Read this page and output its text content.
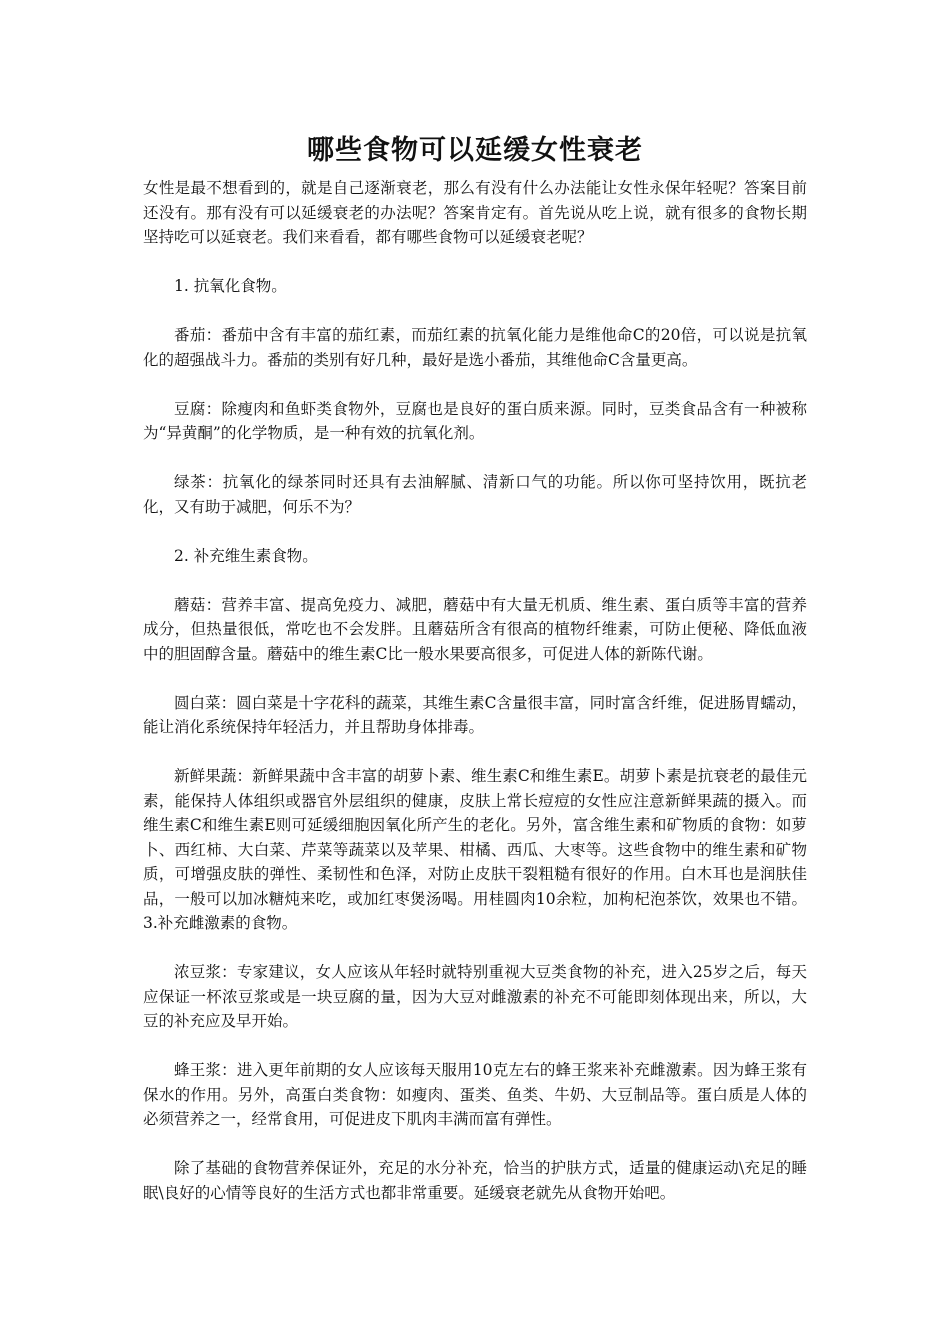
哪些食物可以延缓女性衰老

女性是最不想看到的，就是自己逐渐衰老，那么有没有什么办法能让女性永保年轻呢？答案目前还没有。那有没有可以延缓衰老的办法呢？答案肯定有。首先说从吃上说，就有很多的食物长期坚持吃可以延衰老。我们来看看，都有哪些食物可以延缓衰老呢？

1. 抗氧化食物。

番茄：番茄中含有丰富的茄红素，而茄红素的抗氧化能力是维他命C的20倍，可以说是抗氧化的超强战斗力。番茄的类别有好几种，最好是选小番茄，其维他命C含量更高。

豆腐：除瘦肉和鱼虾类食物外，豆腐也是良好的蛋白质来源。同时，豆类食品含有一种被称为“异黄酮”的化学物质，是一种有效的抗氧化剂。

绿茶：抗氧化的绿茶同时还具有去油解腻、清新口气的功能。所以你可坚持饮用，既抗老化，又有助于减肥，何乐不为？

2. 补充维生素食物。

蘑菇：营养丰富、提高免疫力、减肥，蘑菇中有大量无机质、维生素、蛋白质等丰富的营养成分，但热量很低，常吃也不会发胖。且蘑菇所含有很高的植物纤维素，可防止便秘、降低血液中的胆固醇含量。蘑菇中的维生素C比一般水果要高很多，可促进人体的新陈代谢。

圆白菜：圆白菜是十字花科的蔬菜，其维生素C含量很丰富，同时富含纤维，促进肠胃蠕动，能让消化系统保持年轻活力，并且帮助身体排毒。

新鲜果蔬：新鲜果蔬中含丰富的胡萝卜素、维生素C和维生素E。胡萝卜素是抗衰老的最佳元素，能保持人体组织或器官外层组织的健康，皮肤上常长痘痘的女性应注意新鲜果蔬的摄入。而维生素C和维生素E则可延缓细胞因氧化所产生的老化。另外，富含维生素和矿物质的食物：如萝卜、西红柿、大白菜、芹菜等蔬菜以及苹果、柑橘、西瓜、大枣等。这些食物中的维生素和矿物质，可增强皮肤的弹性、柔韧性和色泽，对防止皮肤干裂粗糙有很好的作用。白木耳也是润肤佳品，一般可以加冰糖炖来吃，或加红枣煲汤喝。用桂圆肉10余粒，加枸杞泡茶饮，效果也不错。 3.补充雌激素的食物。

浓豆浆：专家建议，女人应该从年轻时就特别重视大豆类食物的补充，进入25岁之后，每天应保证一杯浓豆浆或是一块豆腐的量，因为大豆对雌激素的补充不可能即刻体现出来，所以，大豆的补充应及早开始。

蜂王浆：进入更年前期的女人应该每天服用10克左右的蜂王浆来补充雌激素。因为蜂王浆有保水的作用。另外，高蛋白类食物：如瘦肉、蛋类、鱼类、牛奶、大豆制品等。蛋白质是人体的必须营养之一，经常食用，可促进皮下肌肉丰满而富有弹性。

除了基础的食物营养保证外，充足的水分补充，恰当的护肤方式，适量的健康运动\充足的睡眠\良好的心情等良好的生活方式也都非常重要。延缓衰老就先从食物开始吧。
